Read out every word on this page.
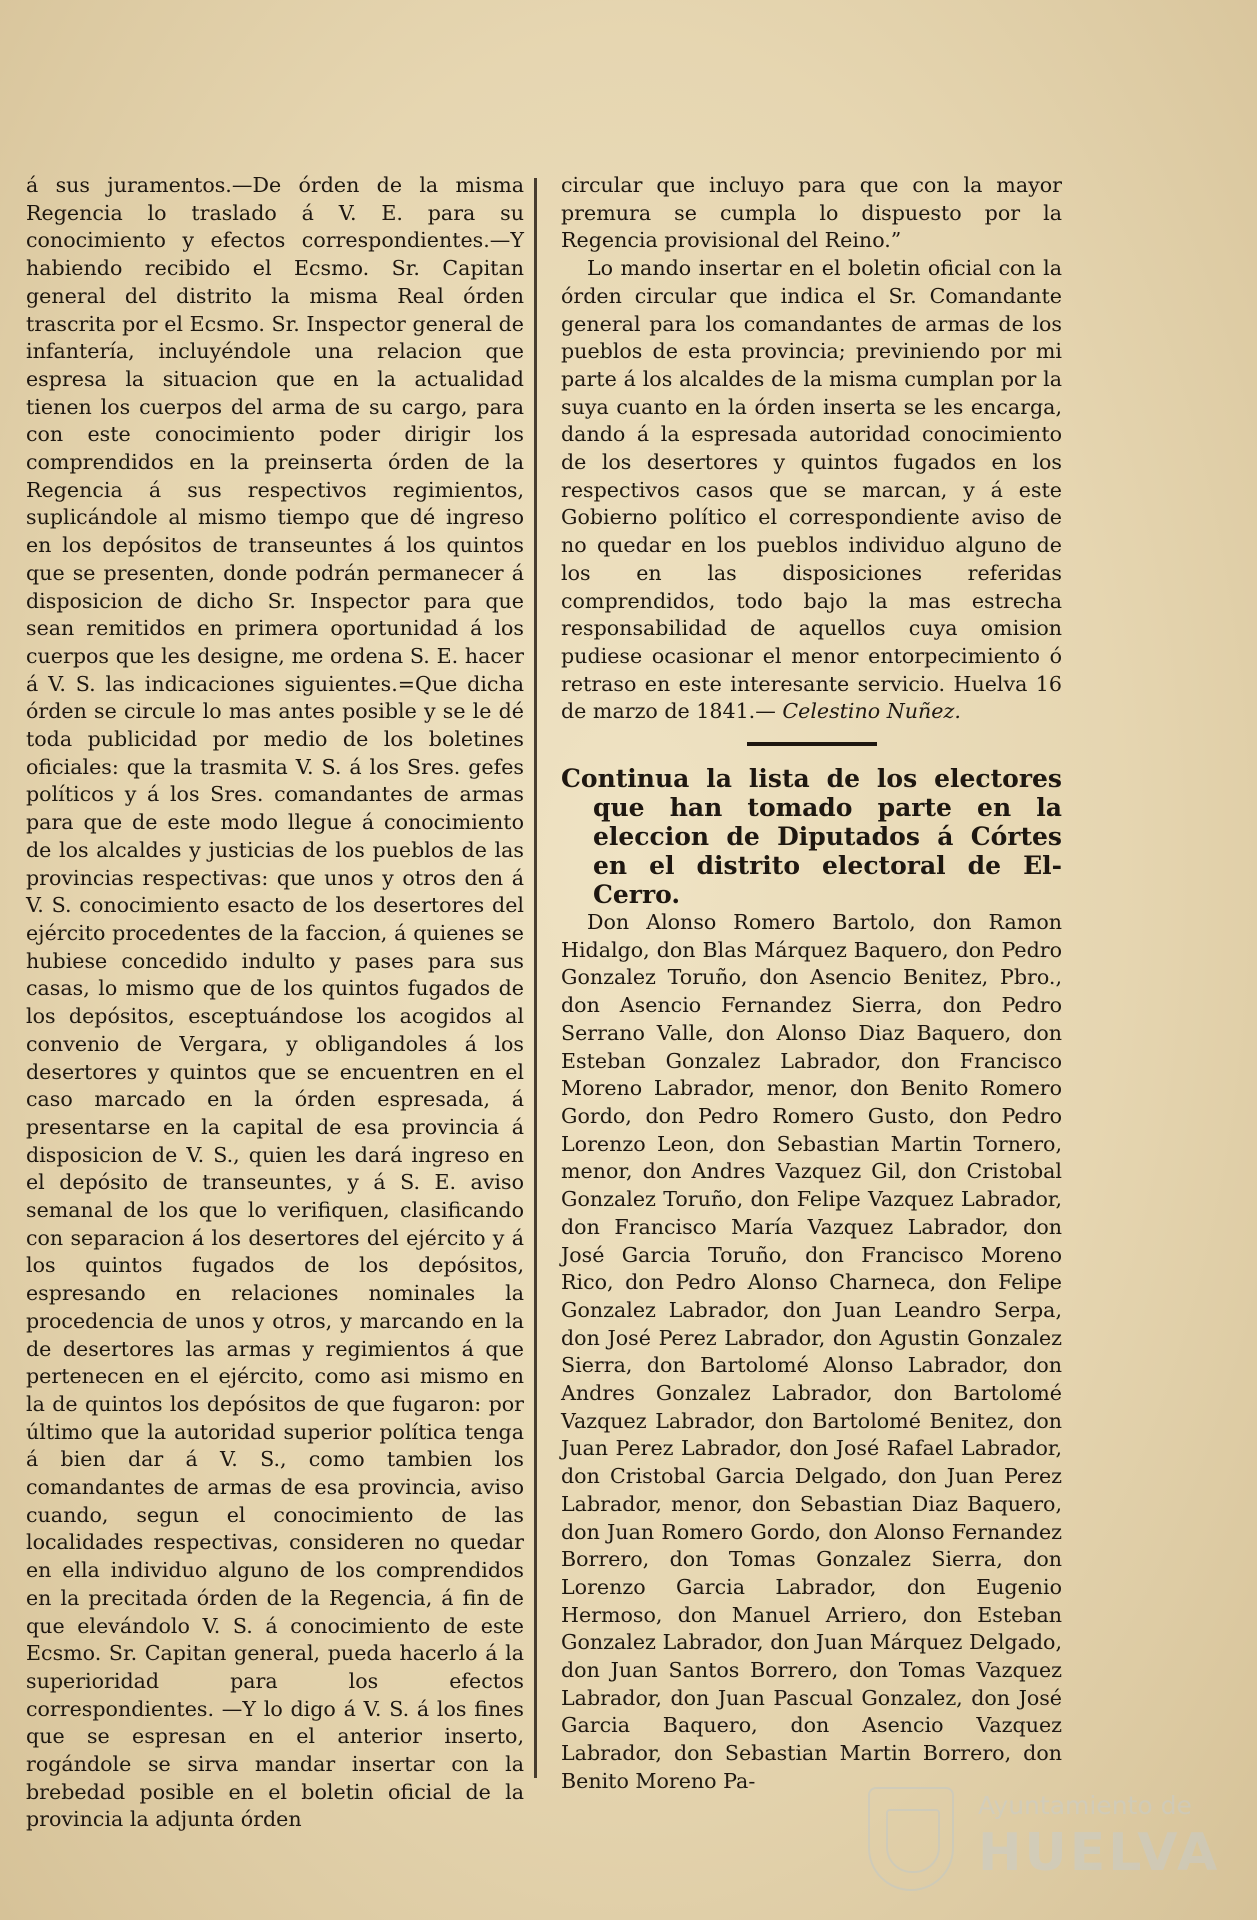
á sus juramentos.—De órden de la misma Regencia lo traslado á V. E. para su conocimiento y efectos correspondientes.—Y habiendo recibido el Ecsmo. Sr. Capitan general del distrito la misma Real órden trascrita por el Ecsmo. Sr. Inspector general de infantería, incluyéndole una relacion que espresa la situacion que en la actualidad tienen los cuerpos del arma de su cargo, para con este conocimiento poder dirigir los comprendidos en la preinserta órden de la Regencia á sus respectivos regimientos, suplicándole al mismo tiempo que dé ingreso en los depósitos de transeuntes á los quintos que se presenten, donde podrán permanecer á disposicion de dicho Sr. Inspector para que sean remitidos en primera oportunidad á los cuerpos que les designe, me ordena S. E. hacer á V. S. las indicaciones siguientes.=Que dicha órden se circule lo mas antes posible y se le dé toda publicidad por medio de los boletines oficiales: que la trasmita V. S. á los Sres. gefes políticos y á los Sres. comandantes de armas para que de este modo llegue á conocimiento de los alcaldes y justicias de los pueblos de las provincias respectivas: que unos y otros den á V. S. conocimiento esacto de los desertores del ejército procedentes de la faccion, á quienes se hubiese concedido indulto y pases para sus casas, lo mismo que de los quintos fugados de los depósitos, esceptuándose los acogidos al convenio de Vergara, y obligandoles á los desertores y quintos que se encuentren en el caso marcado en la órden espresada, á presentarse en la capital de esa provincia á disposicion de V. S., quien les dará ingreso en el depósito de transeuntes, y á S. E. aviso semanal de los que lo verifiquen, clasificando con separacion á los desertores del ejército y á los quintos fugados de los depósitos, espresando en relaciones nominales la procedencia de unos y otros, y marcando en la de desertores las armas y regimientos á que pertenecen en el ejército, como asi mismo en la de quintos los depósitos de que fugaron: por último que la autoridad superior política tenga á bien dar á V. S., como tambien los comandantes de armas de esa provincia, aviso cuando, segun el conocimiento de las localidades respectivas, consideren no quedar en ella individuo alguno de los comprendidos en la precitada órden de la Regencia, á fin de que elevándolo V. S. á conocimiento de este Ecsmo. Sr. Capitan general, pueda hacerlo á la superioridad para los efectos correspondientes. —Y lo digo á V. S. á los fines que se espresan en el anterior inserto, rogándole se sirva mandar insertar con la brebedad posible en el boletin oficial de la provincia la adjunta órden

circular que incluyo para que con la mayor premura se cumpla lo dispuesto por la Regencia provisional del Reino.”

Lo mando insertar en el boletin oficial con la órden circular que indica el Sr. Comandante general para los comandantes de armas de los pueblos de esta provincia; previniendo por mi parte á los alcaldes de la misma cumplan por la suya cuanto en la órden inserta se les encarga, dando á la espresada autoridad conocimiento de los desertores y quintos fugados en los respectivos casos que se marcan, y á este Gobierno político el correspondiente aviso de no quedar en los pueblos individuo alguno de los en las disposiciones referidas comprendidos, todo bajo la mas estrecha responsabilidad de aquellos cuya omision pudiese ocasionar el menor entorpecimiento ó retraso en este interesante servicio. Huelva 16 de marzo de 1841.— Celestino Nuñez.

Continua la lista de los electores que han tomado parte en la eleccion de Diputados á Córtes en el distrito electoral de El-Cerro.

Don Alonso Romero Bartolo, don Ramon Hidalgo, don Blas Márquez Baquero, don Pedro Gonzalez Toruño, don Asencio Benitez, Pbro., don Asencio Fernandez Sierra, don Pedro Serrano Valle, don Alonso Diaz Baquero, don Esteban Gonzalez Labrador, don Francisco Moreno Labrador, menor, don Benito Romero Gordo, don Pedro Romero Gusto, don Pedro Lorenzo Leon, don Sebastian Martin Tornero, menor, don Andres Vazquez Gil, don Cristobal Gonzalez Toruño, don Felipe Vazquez Labrador, don Francisco María Vazquez Labrador, don José Garcia Toruño, don Francisco Moreno Rico, don Pedro Alonso Charneca, don Felipe Gonzalez Labrador, don Juan Leandro Serpa, don José Perez Labrador, don Agustin Gonzalez Sierra, don Bartolomé Alonso Labrador, don Andres Gonzalez Labrador, don Bartolomé Vazquez Labrador, don Bartolomé Benitez, don Juan Perez Labrador, don José Rafael Labrador, don Cristobal Garcia Delgado, don Juan Perez Labrador, menor, don Sebastian Diaz Baquero, don Juan Romero Gordo, don Alonso Fernandez Borrero, don Tomas Gonzalez Sierra, don Lorenzo Garcia Labrador, don Eugenio Hermoso, don Manuel Arriero, don Esteban Gonzalez Labrador, don Juan Márquez Delgado, don Juan Santos Borrero, don Tomas Vazquez Labrador, don Juan Pascual Gonzalez, don José Garcia Baquero, don Asencio Vazquez Labrador, don Sebastian Martin Borrero, don Benito Moreno Pa-

Ayuntamiento de
HUELVA
